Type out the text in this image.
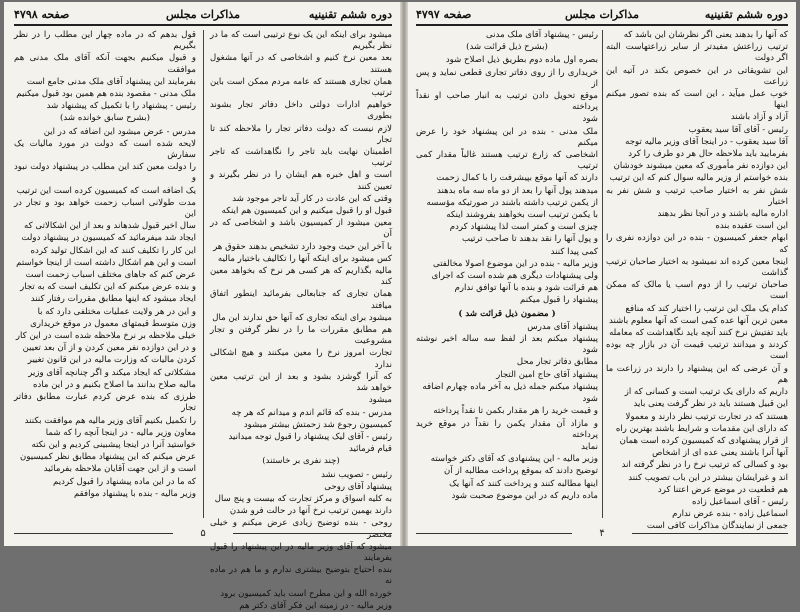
دوره ششم تقنینیه
مذاکرات مجلس
صفحه ۴۷۹۸

میشود برای اینکه این یک نوع ترتیبی است که ما در نظر بگیریم

بعد معین نرخ کنیم و اشخاصی که در آنها مشغول هستند

همان تجاری هستند که عامه مردم ممکن است باین ترتیب

خواهیم ادارات دولتی داخل دفاتر تجار بشوند بطوری

لازم نیست که دولت دفاتر تجار را ملاحظه کند تا تجار

اطمینان نهایت باید تاجر را نگاهداشت که تاجر ترتیب

است و اهل خبره هم ایشان را در نظر بگیرند و تعیین کنند

وقتی که این عادت در کار آید تاجر موجود شد

قبول او را قبول میکنیم و این کمیسیون هم اینکه

معین میشود از کمیسیون باشد و اشخاصی که در آن

با آخر این حیث وجود دارد تشخیص بدهند حقوق هر

کس میشود برای اینکه آنها را تکالیف باختیار مالیه

مالیه بگذاریم که هر کسی هر نرخ که بخواهد معین کند

همان تجاری که جنابعالی بفرمائید اینطور اتفاق میافتد

میشود برای اینکه تجاری که آنها حق ندارند این مال

هم مطابق مقررات ما را در نظر گرفتن و تجار مشروعیت

تجارت امروز نرخ را معین میکنند و هیچ اشکالی ندارد

که آنرا گوشزد بشود و بعد از این ترتیب معین خواهد شد

میشود

مدرس - بنده که قائم اندم و میدانم که هر چه

کمیسیون رجوع شد زحمتش بیشتر میشود

رئیس - آقای لیک پیشنهاد را قبول توجه میدانید

قیام فرمائید

(چند نفری بر خاستند)

رئیس - تصویب نشد

پیشنهاد آقای روحی

به کلیه اسواق و مرکز تجارت که بیست و پنج سال

دارند بهمین ترتیب نرخ آنها در حالت فرو شدن

روحی - بنده توضیح زیادی عرض میکنم و خیلی مختصر

میشود که آقای وزیر مالیه در این پیشنهاد را قبول بفرمایند

بنده احتیاج بتوضیح بیشتری ندارم و ما هم در ماده نه

خورده الله و این مطرح است باید کمیسیون برود

وزیر مالیه - در زمینه این فکر آقای دکتر هم

قول بدهم که در ماده چهار این مطلب را در نظر بگیریم

و قبول میکنیم بجهت آنکه آقای ملک مدنی هم موافقت

بفرمایند این پیشنهاد آقای ملک مدنی جامع است

ملک مدنی - مقصود بنده هم همین بود قبول میکنیم

رئیس - پیشنهاد را با تکمیل که پیشنهاد شد

(بشرح سابق خوانده شد)

مدرس - عرض میشود این اضافه که در این

لایحه شده است که دولت در مورد مالیات یک سفارش

را دولت معین کند این مطلب در پیشنهاد دولت نبود و

یک اضافه است که کمیسیون کرده است این ترتیب

مدت طولانی اسباب زحمت خواهد بود و تجار در این

سال اخیر قبول شدهاند و بعد از این اشکالاتی که

ایجاد شد میفرمائید که کمیسیون در پیشنهاد دولت

این کار را تکلیف کنند که این اشکال تولید کرده

است و این هم اشکال داشته است از اینجا خواستم

عرض کنم که جاهای مختلف اسباب زحمت است

و بنده عرض میکنم که این تکلیف است که به تجار

ایجاد میشود که اینها مطابق مقررات رفتار کنند

و این در هر ولایت عملیات مختلفی دارد که با

وزن متوسط قیمتهای معمول در موقع خریداری

خیلی ملاحظه بر نرخ ملاحظه شده است در این کار

و در این دوازده نفر معین کردن و از آن بعد تعیین

کردن مالیات که وزارت مالیه در این قانون تغییر

مشکلاتی که ایجاد میکند و اگر چنانچه آقای وزیر

مالیه صلاح بدانند ما اصلاح بکنیم و در این ماده

طرزی که بنده عرض کردم عبارت مطابق دفاتر تجار

را تکمیل بکنیم آقای وزیر مالیه هم موافقت بکنند

معاون وزیر مالیه - در اینجا آنچه را که شما

خواستید آنرا در اینجا پیشبینی کردیم و این نکته

عرض میکنم که این پیشنهاد مطابق نظر کمیسیون

است و از این جهت آقایان ملاحظه بفرمائید

که ما در این ماده پیشنهاد را قبول کردیم

وزیر مالیه - بنده با پیشنهاد موافقم

۵
دوره ششم تقنینیه
مذاکرات مجلس
صفحه ۴۷۹۷

که آنها را بدهند یعنی اگر نظرشان این باشد که

ترتیب زراعتش مفیدتر از سایر زراعتهاست البته اگر دولت

این تشویقاتی در این خصوص بکند در آتیه این زراعت

خوب عمل میآید ، این است که بنده تصور میکنم اینها

آزاد و آزاد باشند

رئیس - آقای آقا سید یعقوب

آقا سید یعقوب - در اینجا آقای وزیر مالیه توجه

بفرمایید باید ملاحظه حال هر دو طرف را کرد

این دوازده نفر مأموری که معین میشوند خودشان

بنده خواستم از وزیر مالیه سوال کنم که این ترتیب

شش نفر به اختیار صاحب ترتیب و شش نفر به اختیار

اداره مالیه باشند و در آنجا نظر بدهند

این است عقیده بنده

ابهام جعفر کمیسیون - بنده در این دوازده نفری را که

اینجا معین کرده اند نمیشود به اختیار صاحبان ترتیب گذاشت

صاحبان ترتیب را از دوم اسب یا مالک که ممکن است

کدام یک ملک این ترتیب را اختیار کند که منافع

معین ترین آنها عده کمی است که آنها معلوم باشند

باید تفتیش نرخ کنند آنچه باید نگاهداشت که معامله

کردند و میدانند ترتیب قیمت آن در بازار چه بوده است

و آن عرضی که این پیشنهاد را دارند در زراعت ما هم

داریم که دارای یک ترتیب است و کسانی که از

این قبیل هستند باید در نظر گرفت یعنی باید

هستند که در تجارت ترتیب نظر دارند و معمولا

که دارای این مقدمات و شرایط باشند بهترین راه

از قرار پیشنهادی که کمیسیون کرده است همان

آنها آنرا باشند یعنی عده ای از اشخاص

بود و کسالی که ترتیب نرخ را در نظر گرفته اند

اند و غیرایشان بیشتر در این باب تصویب کنند

هم قطعیت در موضع عرض اعتنا کرد

رئیس - آقای اسماعیل زاده

اسماعیل زاده - بنده عرض ندارم

جمعی از نمایندگان مذاکرات کافی است

رئیس - پیشنهاد آقای ملک مدنی

(بشرح ذیل قرائت شد)

بصره اول ماده دوم بطریق ذیل اصلاح شود

خریداری را از روی دفاتر تجاری قطعی نماید و پس از

موقع تحویل دادن ترتیب به انبار صاحب او نقداً پرداخته

شود

ملک مدنی - بنده در این پیشنهاد خود را عرض میکنم

اشخاصی که زارع ترتیب هستند غالباً مقدار کمی ترتیب

دارند که آنها موقع بپیشرفت را با کمال زحمت

میدهند پول آنها را بعد از دو ماه سه ماه بدهند

از یکمن ترتیب داشته باشند در صورتیکه مؤسسه

با یکمن ترتیب است بخواهند بفروشند اینکه

چیزی است و کمتر است لذا پیشنهاد کردم

و پول آنها را نقد بدهند تا صاحب ترتیب

کمی پیدا کنند

وزیر مالیه - بنده در این موضوع اصولا مخالفتی

ولی پیشنهادات دیگری هم شده است که اجرای

هم قرائت شود و بنده با آنها توافق ندارم

پیشنهاد را قبول میکنم

( مضمون ذیل قرائت شد )

پیشنهاد آقای مدرس

پیشنهاد میکنم بعد از لفظ سه ساله اخیر نوشته شود

مطابق دفاتر تجار محل

پیشنهاد آقای حاج امین التجار

پیشنهاد میکنم جمله ذیل به آخر ماده چهارم اضافه

شود

و قیمت خرید را هر مقدار بکمن تا نقداً پرداخته

و مازاد آن مقدار یکمن را نقداً در موقع خرید پرداخته

نماید

وزیر مالیه - این پیشنهادی که آقای دکتر خواسته

توضیح دادند که بموقع پرداخت مطالبه از آن

اینها مطالبه کنند و پرداخت کنند که آنها یک

ماده داریم که در این موضوع صحبت شود

۴
